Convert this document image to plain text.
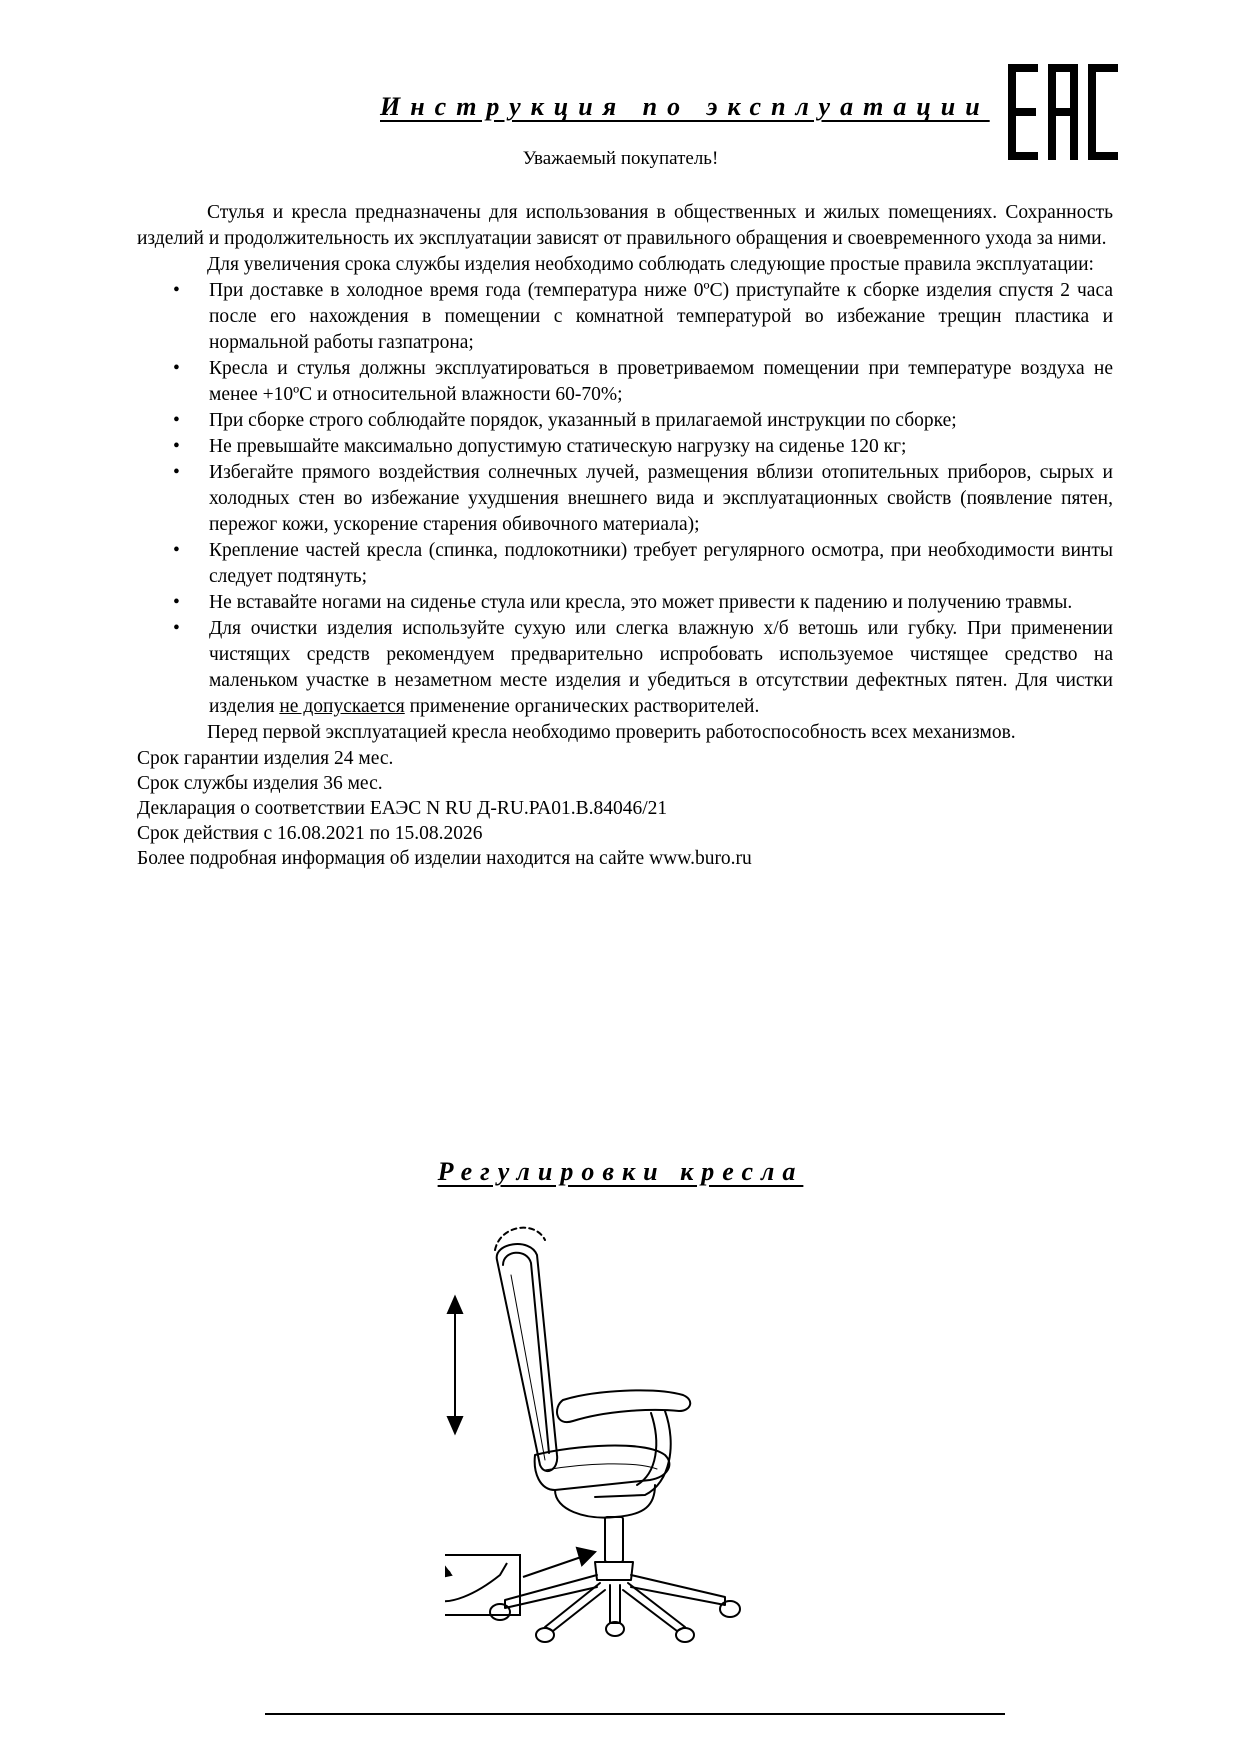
Инструкция по эксплуатации
Уважаемый покупатель!

Стулья и кресла предназначены для использования в общественных и жилых помещениях. Сохранность изделий и продолжительность их эксплуатации зависят от правильного обращения и своевременного ухода за ними.

Для увеличения срока службы изделия необходимо соблюдать следующие простые правила эксплуатации:

• При доставке в холодное время года (температура ниже 0ºС) приступайте к сборке изделия спустя 2 часа после его нахождения в помещении с комнатной температурой во избежание трещин пластика и нормальной работы газпатрона;
• Кресла и стулья должны эксплуатироваться в проветриваемом помещении при температуре воздуха не менее +10ºС и относительной влажности 60-70%;
• При сборке строго соблюдайте порядок, указанный в прилагаемой инструкции по сборке;
• Не превышайте максимально допустимую статическую нагрузку на сиденье 120 кг;
• Избегайте прямого воздействия солнечных лучей, размещения вблизи отопительных приборов, сырых и холодных стен во избежание ухудшения внешнего вида и эксплуатационных свойств (появление пятен, пережог кожи, ускорение старения обивочного материала);
• Крепление частей кресла (спинка, подлокотники) требует регулярного осмотра, при необходимости винты следует подтянуть;
• Не вставайте ногами на сиденье стула или кресла, это может привести к падению и получению травмы.
• Для очистки изделия используйте сухую или слегка влажную х/б ветошь или губку. При применении чистящих средств рекомендуем предварительно испробовать используемое чистящее средство на маленьком участке в незаметном месте изделия и убедиться в отсутствии дефектных пятен. Для чистки изделия не допускается применение органических растворителей.

Перед первой эксплуатацией кресла необходимо проверить работоспособность всех механизмов.

Срок гарантии изделия 24 мес.

Срок службы изделия 36 мес.

Декларация о соответствии ЕАЭС N RU Д-RU.РА01.В.84046/21

Срок действия с 16.08.2021 по 15.08.2026

Более подробная информация об изделии находится на сайте www.buro.ru

Регулировки кресла
